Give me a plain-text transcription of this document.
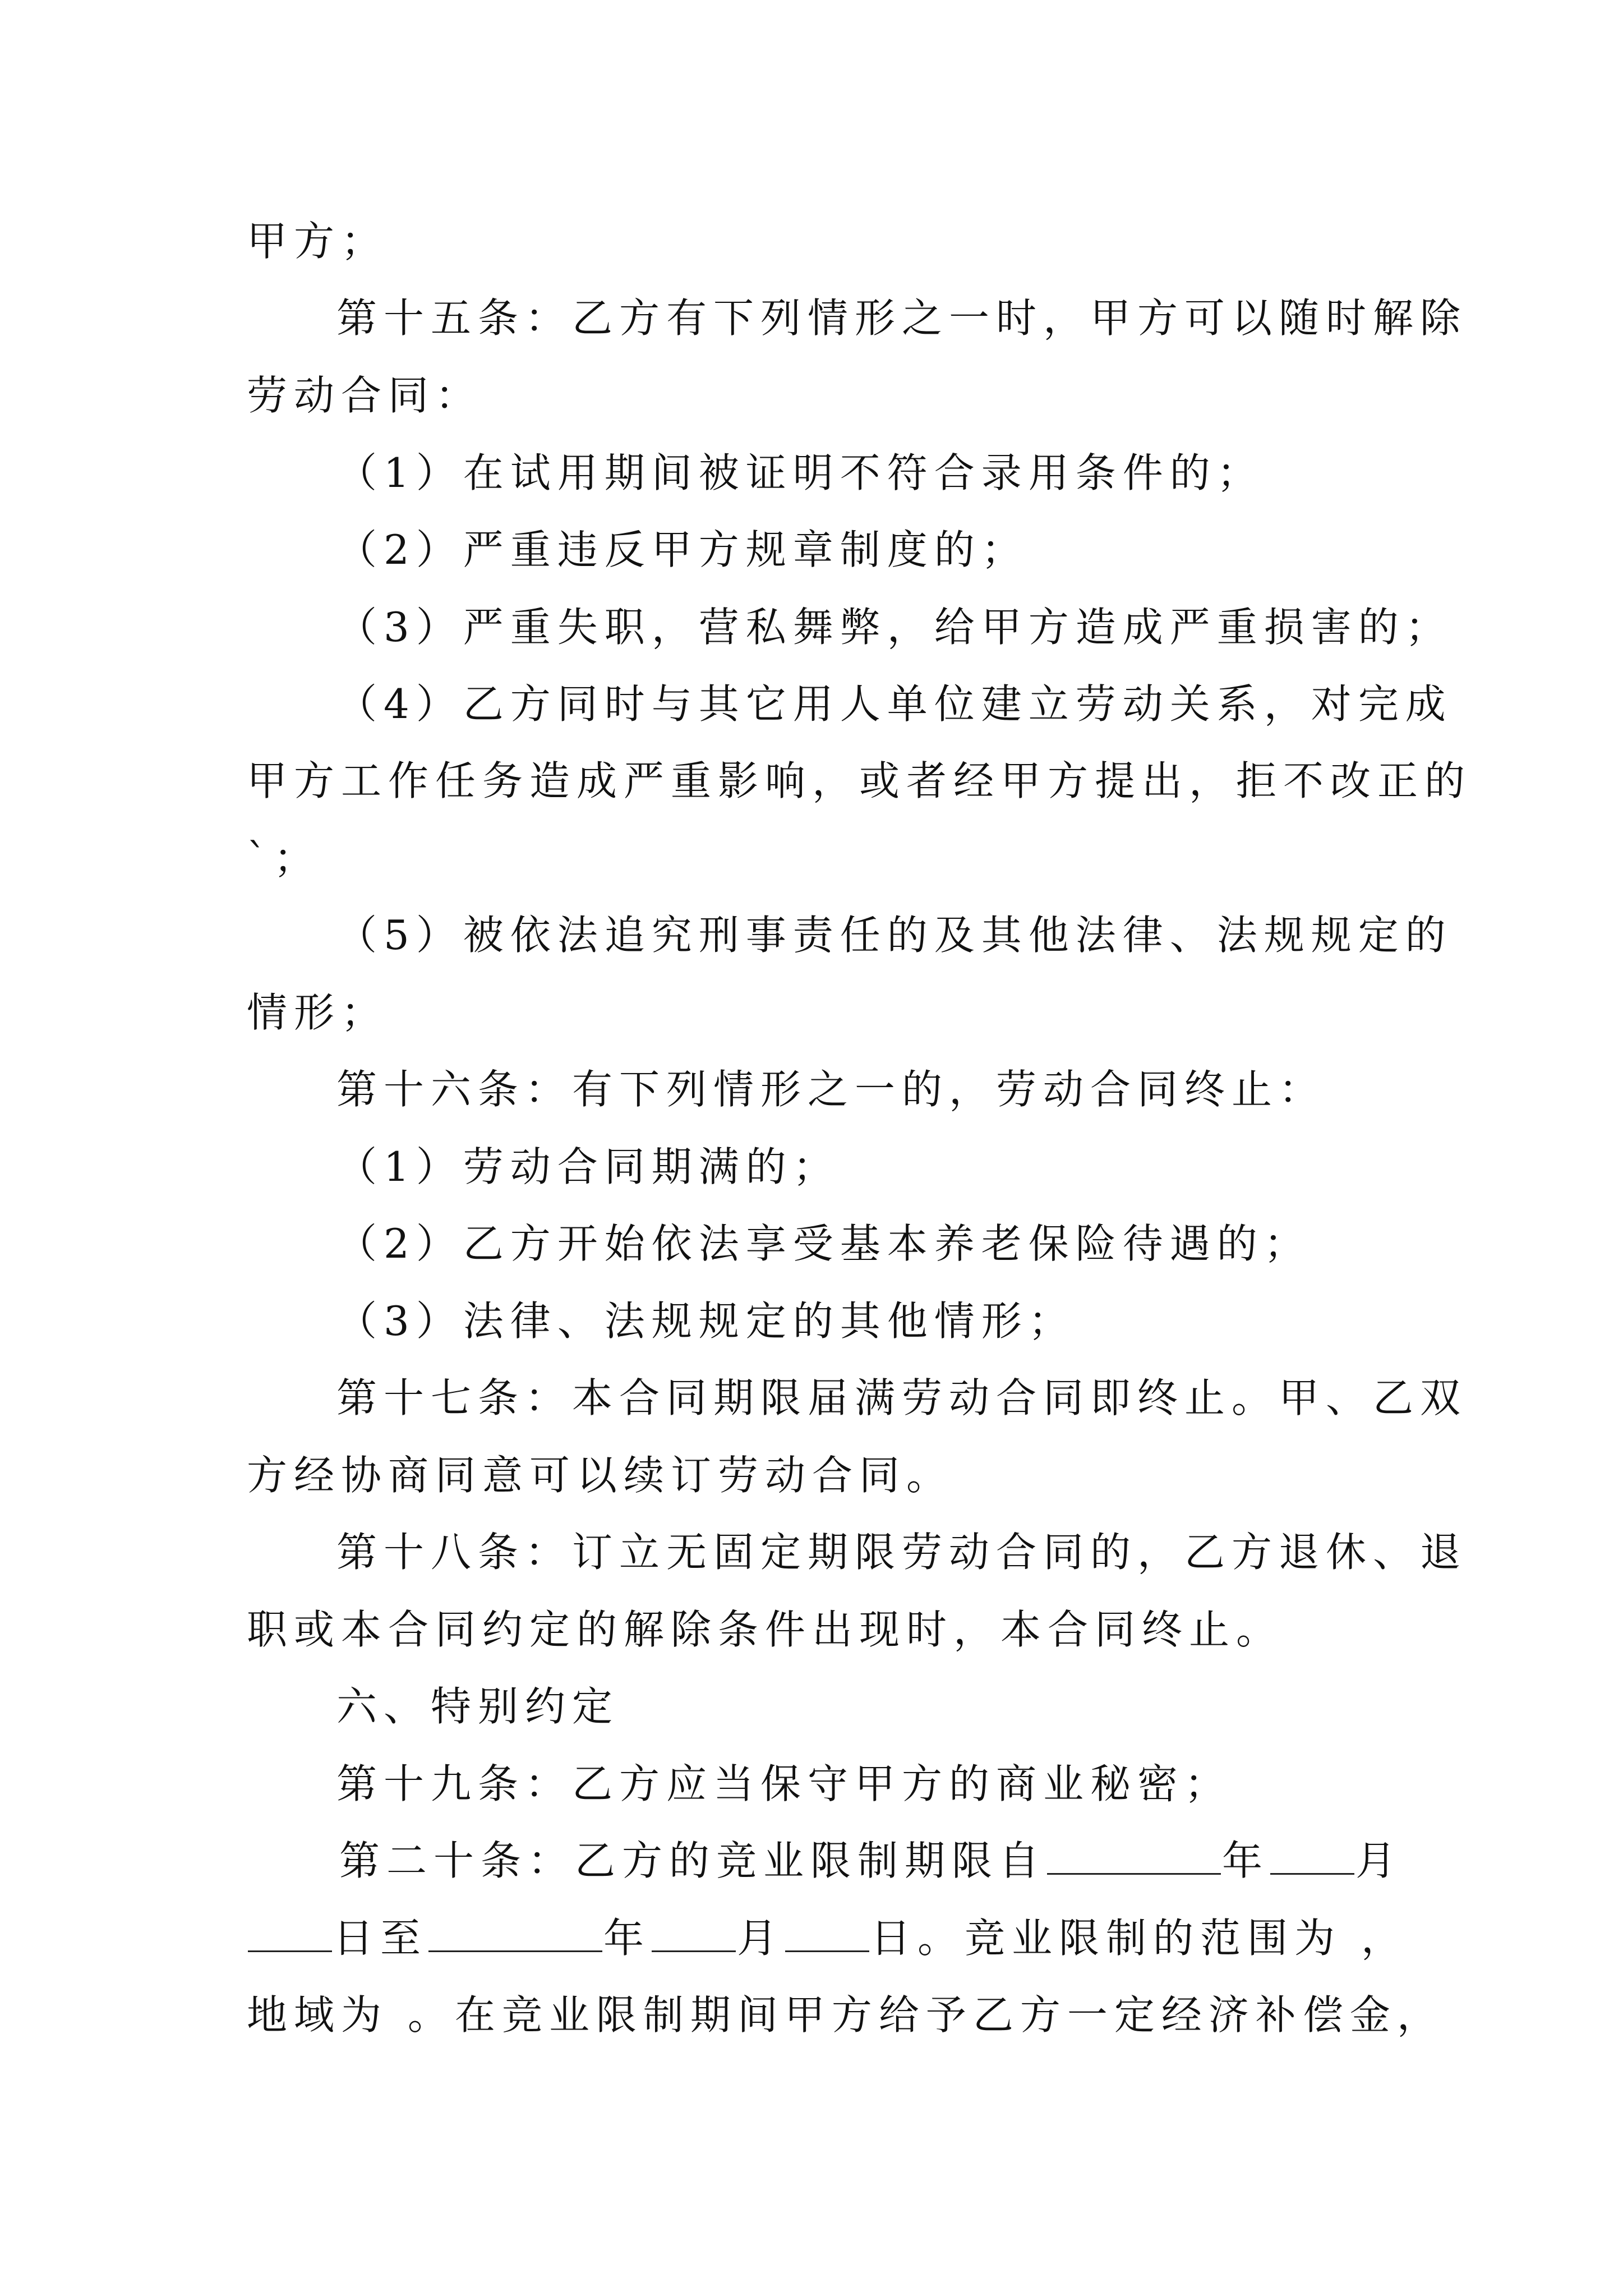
甲方；
第十五条：乙方有下列情形之一时，甲方可以随时解除
劳动合同：
（1）在试用期间被证明不符合录用条件的；
（2）严重违反甲方规章制度的；
（3）严重失职，营私舞弊，给甲方造成严重损害的；
（4）乙方同时与其它用人单位建立劳动关系，对完成
甲方工作任务造成严重影响，或者经甲方提出，拒不改正的
`；
（5）被依法追究刑事责任的及其他法律、法规规定的
情形；
第十六条：有下列情形之一的，劳动合同终止：
（1）劳动合同期满的；
（2）乙方开始依法享受基本养老保险待遇的；
（3）法律、法规规定的其他情形；
第十七条：本合同期限届满劳动合同即终止。甲、乙双
方经协商同意可以续订劳动合同。
第十八条：订立无固定期限劳动合同的，乙方退休、退
职或本合同约定的解除条件出现时，本合同终止。
六、特别约定
第十九条：乙方应当保守甲方的商业秘密；
第二十条：乙方的竞业限制期限自	年 月
日至	年 月 日。竞业限制的范围为 ，
地域为 。在竞业限制期间甲方给予乙方一定经济补偿金，
